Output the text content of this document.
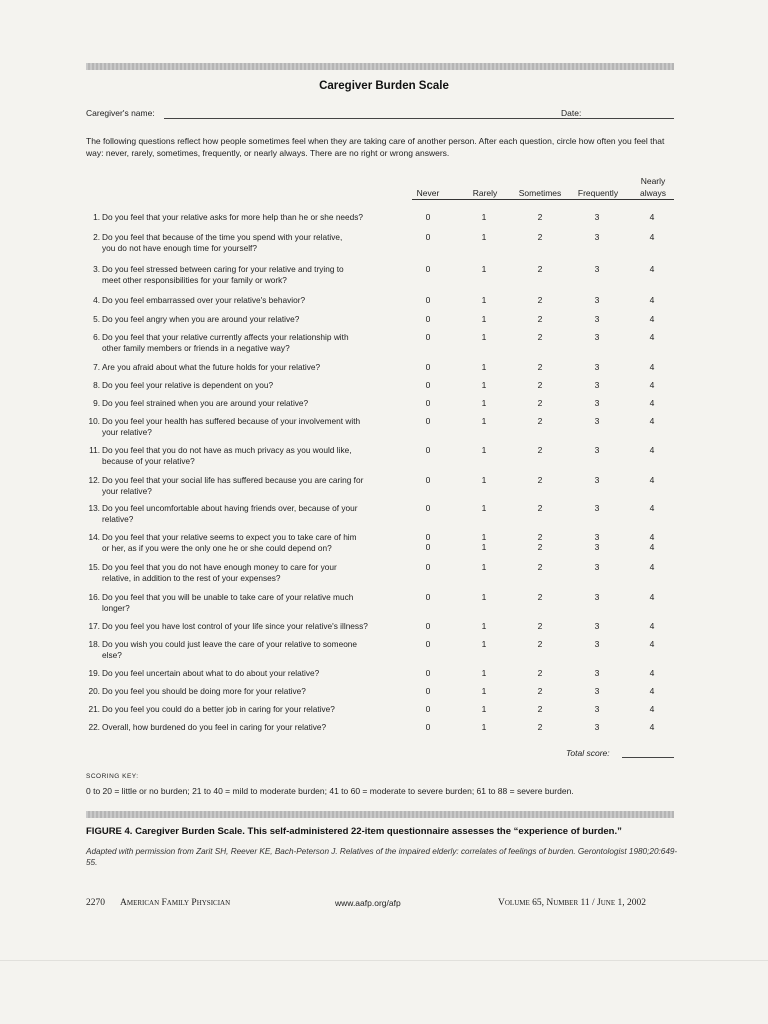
Caregiver Burden Scale
Caregiver's name:	Date:
The following questions reflect how people sometimes feel when they are taking care of another person. After each question, circle how often you feel that way: never, rarely, sometimes, frequently, or nearly always. There are no right or wrong answers.
Never	Rarely	Sometimes	Frequently
Nearly always
1. Do you feel that your relative asks for more help than he or she needs?	0	1	2	3	4
2. Do you feel that because of the time you spend with your relative,
you do not have enough time for yourself?
0	1	2	3	4
3. Do you feel stressed between caring for your relative and trying to
meet other responsibilities for your family or work?
0	1	2	3	4
4. Do you feel embarrassed over your relative's behavior?	0	1	2	3	4
5. Do you feel angry when you are around your relative?	0	1	2	3	4
6. Do you feel that your relative currently affects your relationship with
other family members or friends in a negative way?
0	1	2	3	4
7. Are you afraid about what the future holds for your relative?	0	1	2	3	4
8. Do you feel your relative is dependent on you?	0	1	2	3	4
9. Do you feel strained when you are around your relative?	0	1	2	3	4
10. Do you feel your health has suffered because of your involvement with
your relative?
0	1	2	3	4
11. Do you feel that you do not have as much privacy as you would like,
because of your relative?
0	1	2	3	4
12. Do you feel that your social life has suffered because you are caring for
your relative?
0	1	2	3	4
13. Do you feel uncomfortable about having friends over, because of your
relative?
0	1	2	3	4
14. Do you feel that your relative seems to expect you to take care of him
or her, as if you were the only one he or she could depend on?
0	1	2	3	4
0	1	2	3	4
15. Do you feel that you do not have enough money to care for your
relative, in addition to the rest of your expenses?
0	1	2	3	4
16. Do you feel that you will be unable to take care of your relative much
longer?
0	1	2	3	4
17. Do you feel you have lost control of your life since your relative's illness?	0	1	2	3	4
18. Do you wish you could just leave the care of your relative to someone
else?
0	1	2	3	4
19. Do you feel uncertain about what to do about your relative?	0	1	2	3	4
20. Do you feel you should be doing more for your relative?	0	1	2	3	4
21. Do you feel you could do a better job in caring for your relative?	0	1	2	3	4
22. Overall, how burdened do you feel in caring for your relative?	0	1	2	3	4
Total score:
SCORING KEY:
0 to 20 = little or no burden; 21 to 40 = mild to moderate burden; 41 to 60 = moderate to severe burden; 61 to 88 = severe burden.
FIGURE 4. Caregiver Burden Scale. This self-administered 22-item questionnaire assesses the “experience of burden.”
Adapted with permission from Zarit SH, Reever KE, Bach-Peterson J. Relatives of the impaired elderly: correlates of feelings of burden. Gerontologist 1980;20:649-55.
2270 American Family Physician	www.aafp.org/afp	Volume 65, Number 11 / June 1, 2002
